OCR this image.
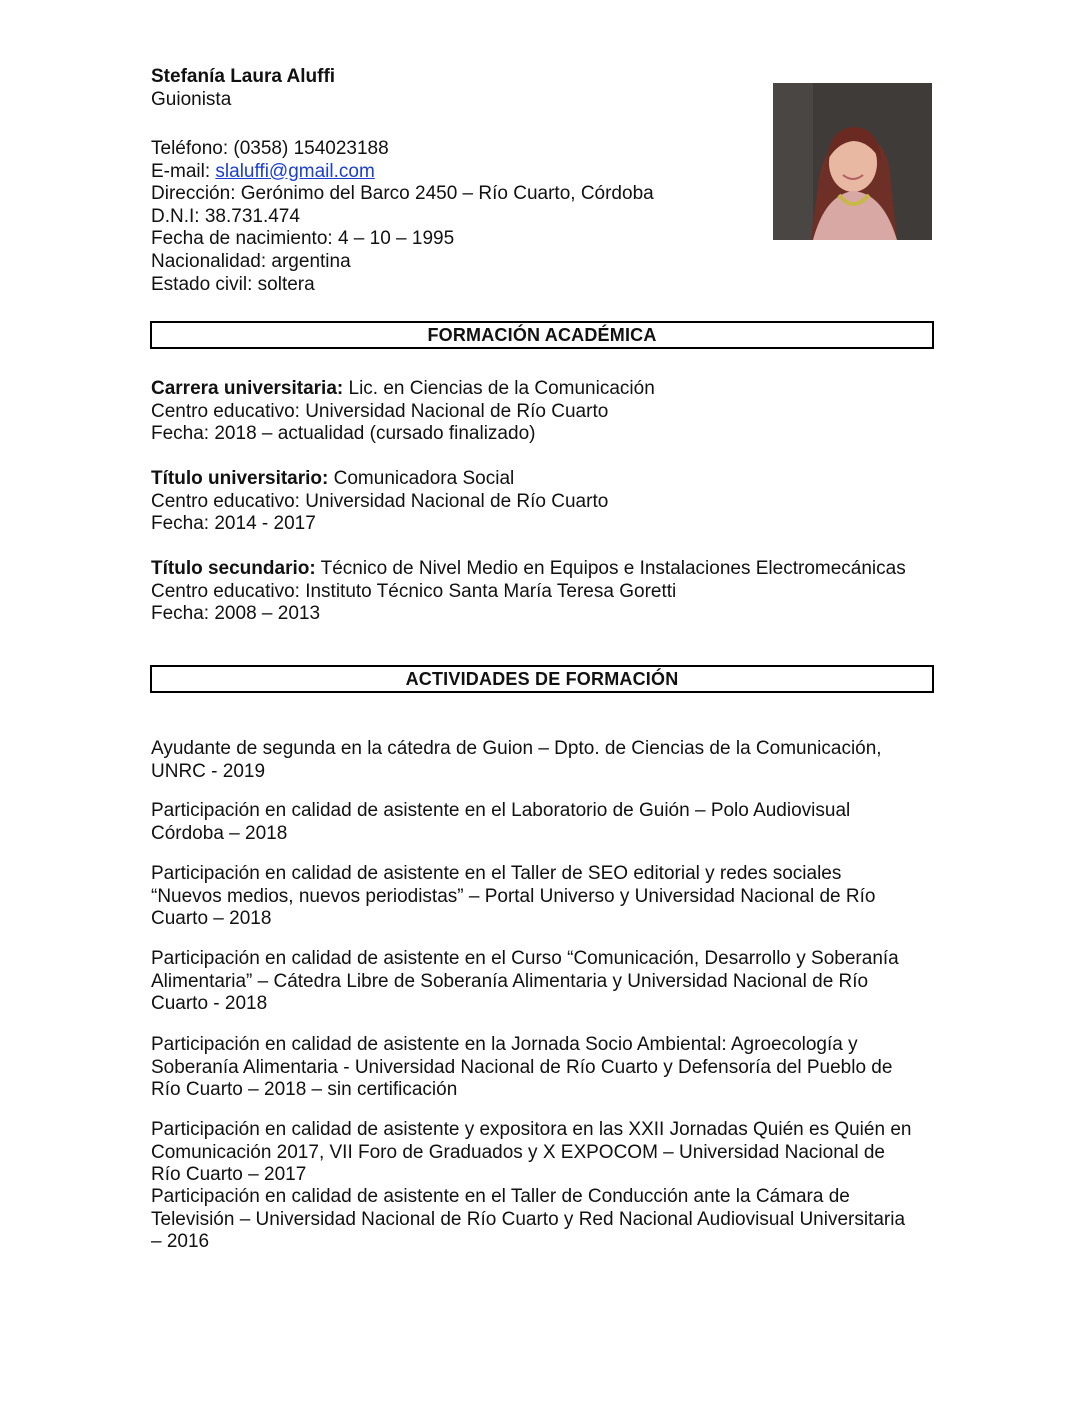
Stefanía Laura Aluffi
Guionista
Teléfono: (0358) 154023188
E-mail: slaluffi@gmail.com
Dirección: Gerónimo del Barco 2450 – Río Cuarto, Córdoba
D.N.I: 38.731.474
Fecha de nacimiento: 4 – 10 – 1995
Nacionalidad: argentina
Estado civil: soltera
FORMACIÓN ACADÉMICA
Carrera universitaria: Lic. en Ciencias de la Comunicación
Centro educativo: Universidad Nacional de Río Cuarto
Fecha: 2018 – actualidad (cursado finalizado)
Título universitario: Comunicadora Social
Centro educativo: Universidad Nacional de Río Cuarto
Fecha: 2014 - 2017
Título secundario: Técnico de Nivel Medio en Equipos e Instalaciones Electromecánicas
Centro educativo: Instituto Técnico Santa María Teresa Goretti
Fecha: 2008 – 2013
ACTIVIDADES DE FORMACIÓN
Ayudante de segunda en la cátedra de Guion – Dpto. de Ciencias de la Comunicación,
UNRC - 2019
Participación en calidad de asistente en el Laboratorio de Guión – Polo Audiovisual
Córdoba – 2018
Participación en calidad de asistente en el Taller de SEO editorial y redes sociales
“Nuevos medios, nuevos periodistas” – Portal Universo y Universidad Nacional de Río
Cuarto – 2018
Participación en calidad de asistente en el Curso “Comunicación, Desarrollo y Soberanía
Alimentaria” – Cátedra Libre de Soberanía Alimentaria y Universidad Nacional de Río
Cuarto - 2018
Participación en calidad de asistente en la Jornada Socio Ambiental: Agroecología y
Soberanía Alimentaria - Universidad Nacional de Río Cuarto y Defensoría del Pueblo de
Río Cuarto – 2018 – sin certificación
Participación en calidad de asistente y expositora en las XXII Jornadas Quién es Quién en
Comunicación 2017, VII Foro de Graduados y X EXPOCOM – Universidad Nacional de
Río Cuarto – 2017
Participación en calidad de asistente en el Taller de Conducción ante la Cámara de
Televisión – Universidad Nacional de Río Cuarto y Red Nacional Audiovisual Universitaria
– 2016
